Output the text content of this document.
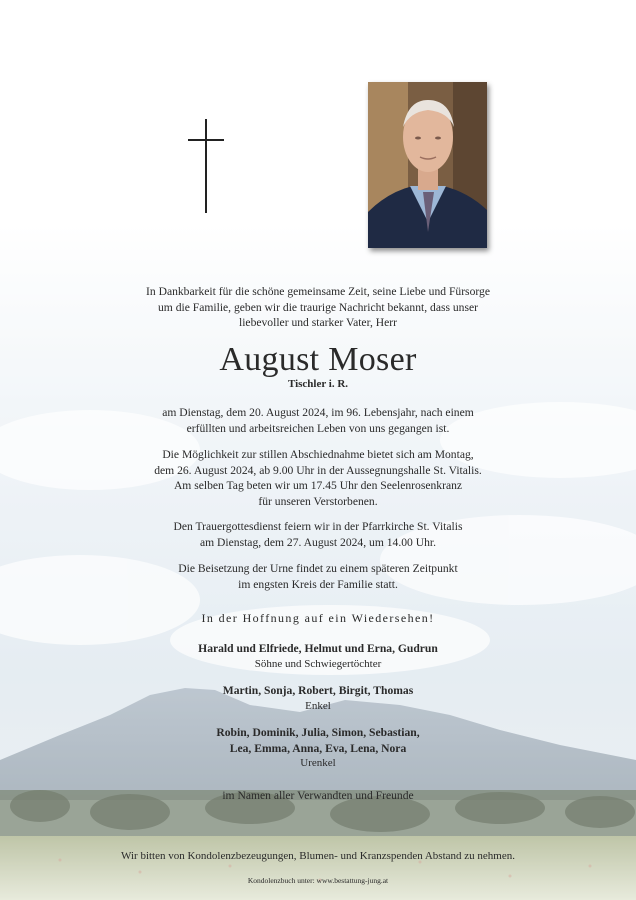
In Dankbarkeit für die schöne gemeinsame Zeit, seine Liebe und Fürsorge
um die Familie, geben wir die traurige Nachricht bekannt, dass unser
liebevoller und starker Vater, Herr
August Moser
Tischler i. R.
am Dienstag, dem 20. August 2024, im 96. Lebensjahr, nach einem
erfüllten und arbeitsreichen Leben von uns gegangen ist.
Die Möglichkeit zur stillen Abschiednahme bietet sich am Montag,
dem 26. August 2024, ab 9.00 Uhr in der Aussegnungshalle St. Vitalis.
Am selben Tag beten wir um 17.45 Uhr den Seelenrosenkranz
für unseren Verstorbenen.
Den Trauergottesdienst feiern wir in der Pfarrkirche St. Vitalis
am Dienstag, dem 27. August 2024, um 14.00 Uhr.
Die Beisetzung der Urne findet zu einem späteren Zeitpunkt
im engsten Kreis der Familie statt.
In der Hoffnung auf ein Wiedersehen!
Harald und Elfriede, Helmut und Erna, Gudrun
Söhne und Schwiegertöchter
Martin, Sonja, Robert, Birgit, Thomas
Enkel
Robin, Dominik, Julia, Simon, Sebastian,
Lea, Emma, Anna, Eva, Lena, Nora
Urenkel
im Namen aller Verwandten und Freunde
Wir bitten von Kondolenzbezeugungen, Blumen- und Kranzspenden Abstand zu nehmen.
Kondolenzbuch unter: www.bestattung-jung.at
